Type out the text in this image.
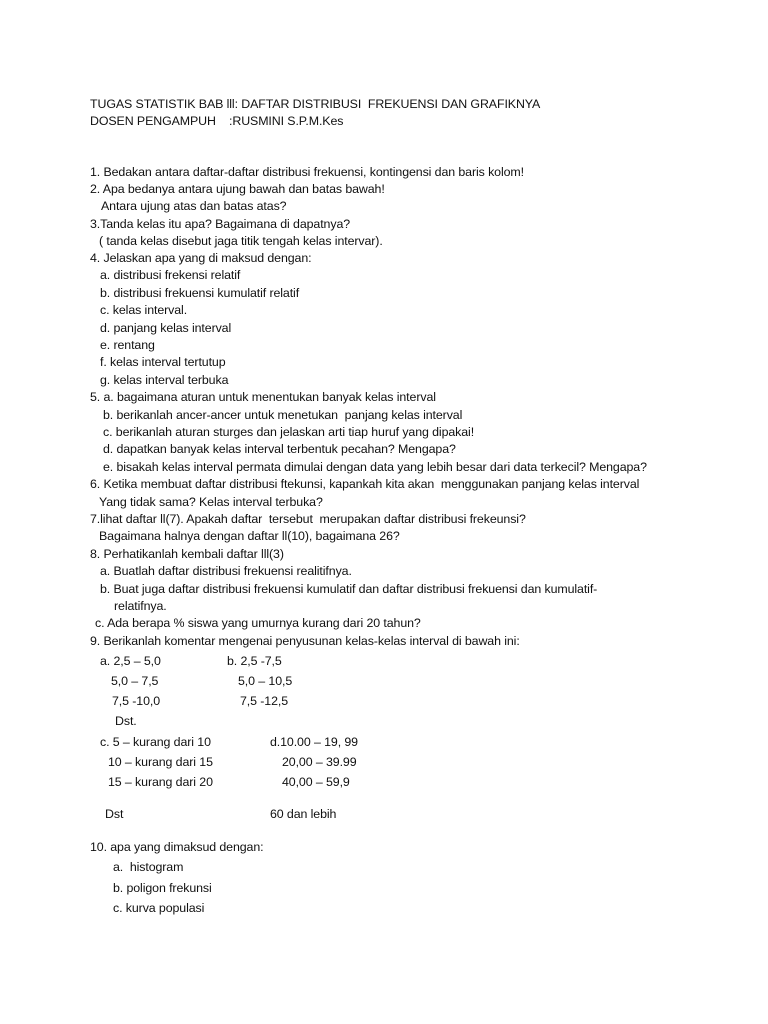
TUGAS STATISTIK BAB lll: DAFTAR DISTRIBUSI  FREKUENSI DAN GRAFIKNYA
DOSEN PENGAMPUH :RUSMINI S.P.M.Kes
1. Bedakan antara daftar-daftar distribusi frekuensi, kontingensi dan baris kolom!
2. Apa bedanya antara ujung bawah dan batas bawah!
Antara ujung atas dan batas atas?
3.Tanda kelas itu apa? Bagaimana di dapatnya?
( tanda kelas disebut jaga titik tengah kelas intervar).
4. Jelaskan apa yang di maksud dengan:
a. distribusi frekensi relatif
b. distribusi frekuensi kumulatif relatif
c. kelas interval.
d. panjang kelas interval
e. rentang
f. kelas interval tertutup
g. kelas interval terbuka
5. a. bagaimana aturan untuk menentukan banyak kelas interval
b. berikanlah ancer-ancer untuk menetukan  panjang kelas interval
c. berikanlah aturan sturges dan jelaskan arti tiap huruf yang dipakai!
d. dapatkan banyak kelas interval terbentuk pecahan? Mengapa?
e. bisakah kelas interval permata dimulai dengan data yang lebih besar dari data terkecil? Mengapa?
6. Ketika membuat daftar distribusi ftekunsi, kapankah kita akan  menggunakan panjang kelas interval
Yang tidak sama? Kelas interval terbuka?
7.lihat daftar ll(7). Apakah daftar  tersebut  merupakan daftar distribusi frekeunsi?
Bagaimana halnya dengan daftar ll(10), bagaimana 26?
8. Perhatikanlah kembali daftar lll(3)
a. Buatlah daftar distribusi frekuensi realitifnya.
b. Buat juga daftar distribusi frekuensi kumulatif dan daftar distribusi frekuensi dan kumulatif-
relatifnya.
c. Ada berapa % siswa yang umurnya kurang dari 20 tahun?
9. Berikanlah komentar mengenai penyusunan kelas-kelas interval di bawah ini:
a. 2,5 – 5,0	b. 2,5 -7,5
5,0 – 7,5	5,0 – 10,5
7,5 -10,0	7,5 -12,5
Dst.
c. 5 – kurang dari 10	d.10.00 – 19, 99
10 – kurang dari 15	20,00 – 39.99
15 – kurang dari 20	40,00 – 59,9
Dst	60 dan lebih
10. apa yang dimaksud dengan:
a.  histogram
b. poligon frekunsi
c. kurva populasi
